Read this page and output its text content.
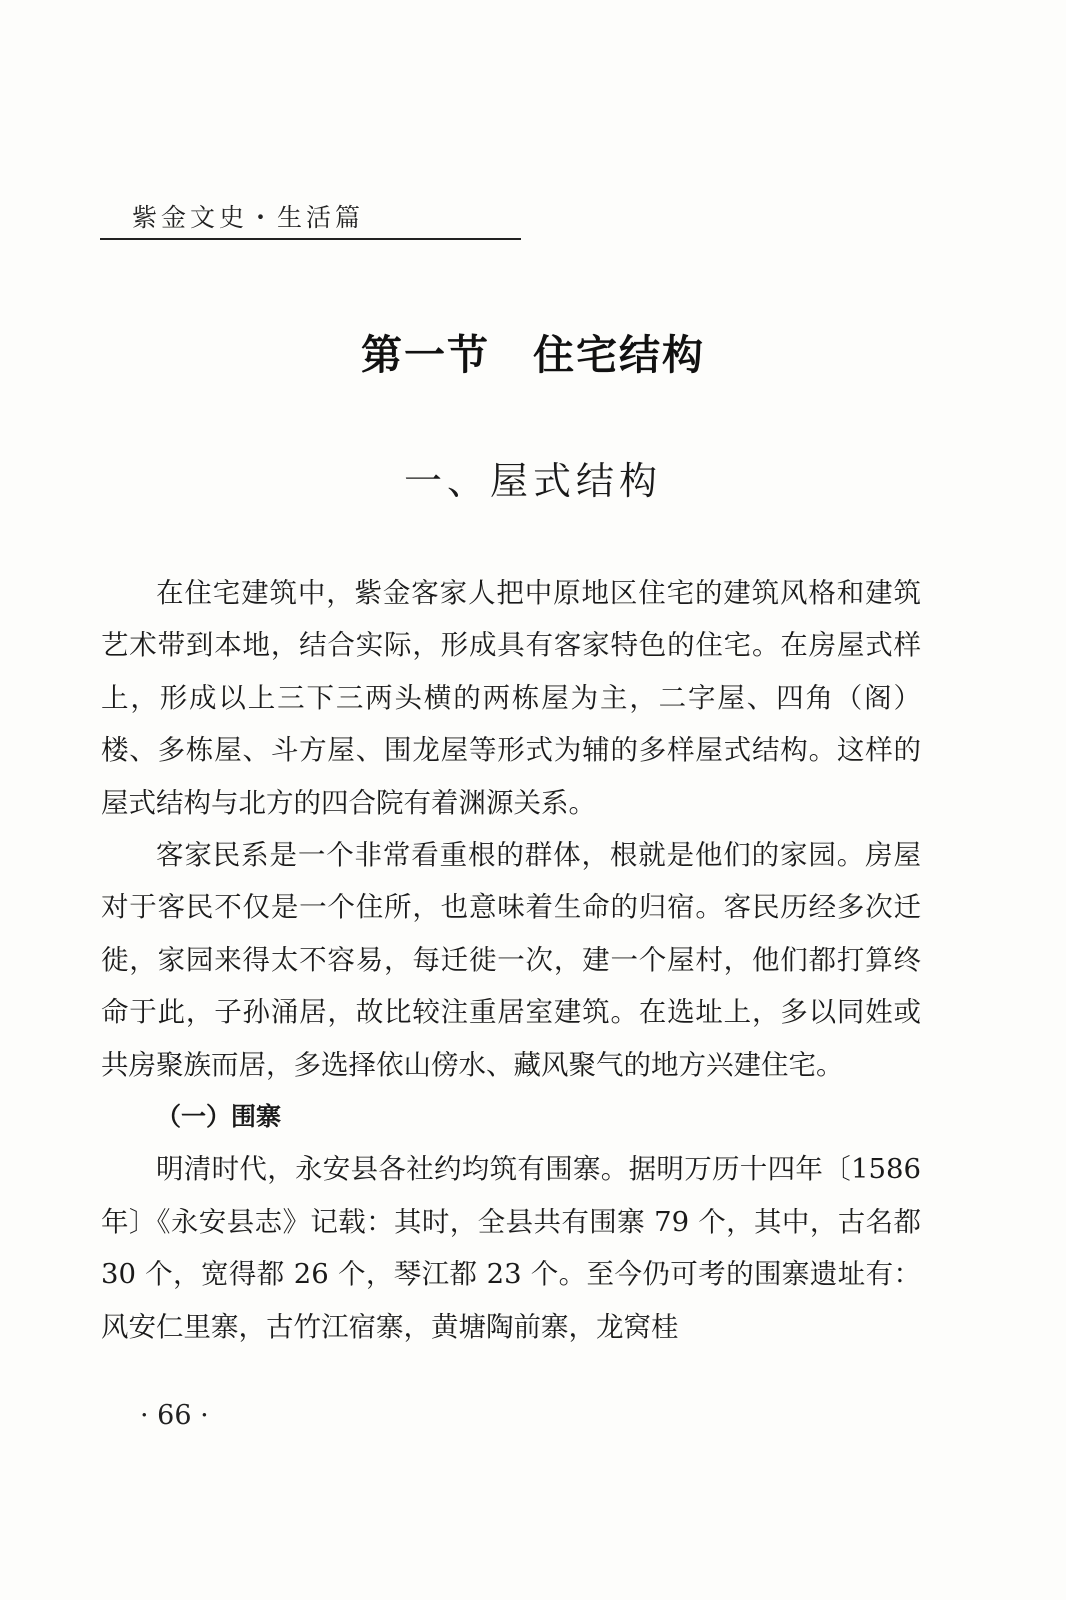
紫金文史・生活篇
第一节　住宅结构
一、屋式结构

在住宅建筑中，紫金客家人把中原地区住宅的建筑风格和建筑艺术带到本地，结合实际，形成具有客家特色的住宅。在房屋式样上，形成以上三下三两头横的两栋屋为主，二字屋、四角（阁）楼、多栋屋、斗方屋、围龙屋等形式为辅的多样屋式结构。这样的屋式结构与北方的四合院有着渊源关系。

客家民系是一个非常看重根的群体，根就是他们的家园。房屋对于客民不仅是一个住所，也意味着生命的归宿。客民历经多次迁徙，家园来得太不容易，每迁徙一次，建一个屋村，他们都打算终命于此，子孙涌居，故比较注重居室建筑。在选址上，多以同姓或共房聚族而居，多选择依山傍水、藏风聚气的地方兴建住宅。

（一）围寨

明清时代，永安县各社约均筑有围寨。据明万历十四年〔1586 年〕《永安县志》记载：其时，全县共有围寨 79 个，其中，古名都 30 个，宽得都 26 个，琴江都 23 个。至今仍可考的围寨遗址有：风安仁里寨，古竹江宿寨，黄塘陶前寨，龙窝桂

· 66 ·
